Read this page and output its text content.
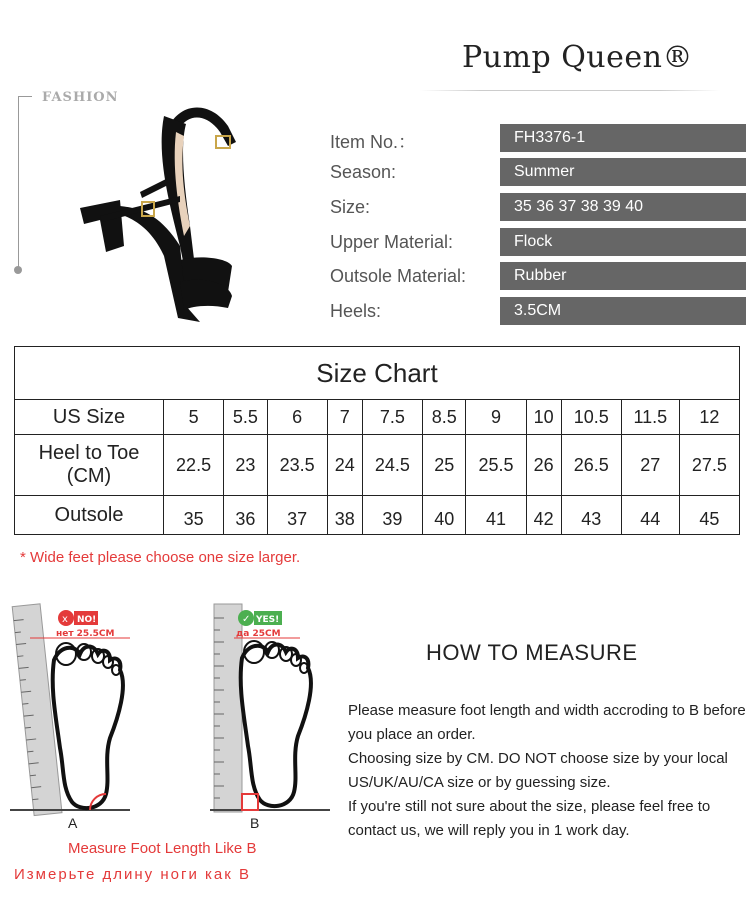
Pump Queen®
FASHION
Item No.：	FH3376-1
Season:	Summer
Size:	35 36 37 38 39 40
Upper Material:	Flock
Outsole Material:	Rubber
Heels:	3.5CM
Size Chart											
US Size	5	5.5	6	7	7.5	8.5	9	10	10.5	11.5	12
Heel to Toe (CM)	22.5	23	23.5	24	24.5	25	25.5	26	26.5	27	27.5
Outsole	35	36	37	38	39	40	41	42	43	44	45
* Wide feet please choose one size larger.
x NO!
нет 25.5CM
A
✓ YES!
да 25CM
B
Measure Foot Length Like B
Измерьте длину ноги как B
HOW TO MEASURE
Please measure foot length and width accroding to B before you place an order.
Choosing size by CM. DO NOT choose size by your local US/UK/AU/CA size or by guessing size.
If you're still not sure about the size, please feel free to contact us, we will reply you in 1 work day.
